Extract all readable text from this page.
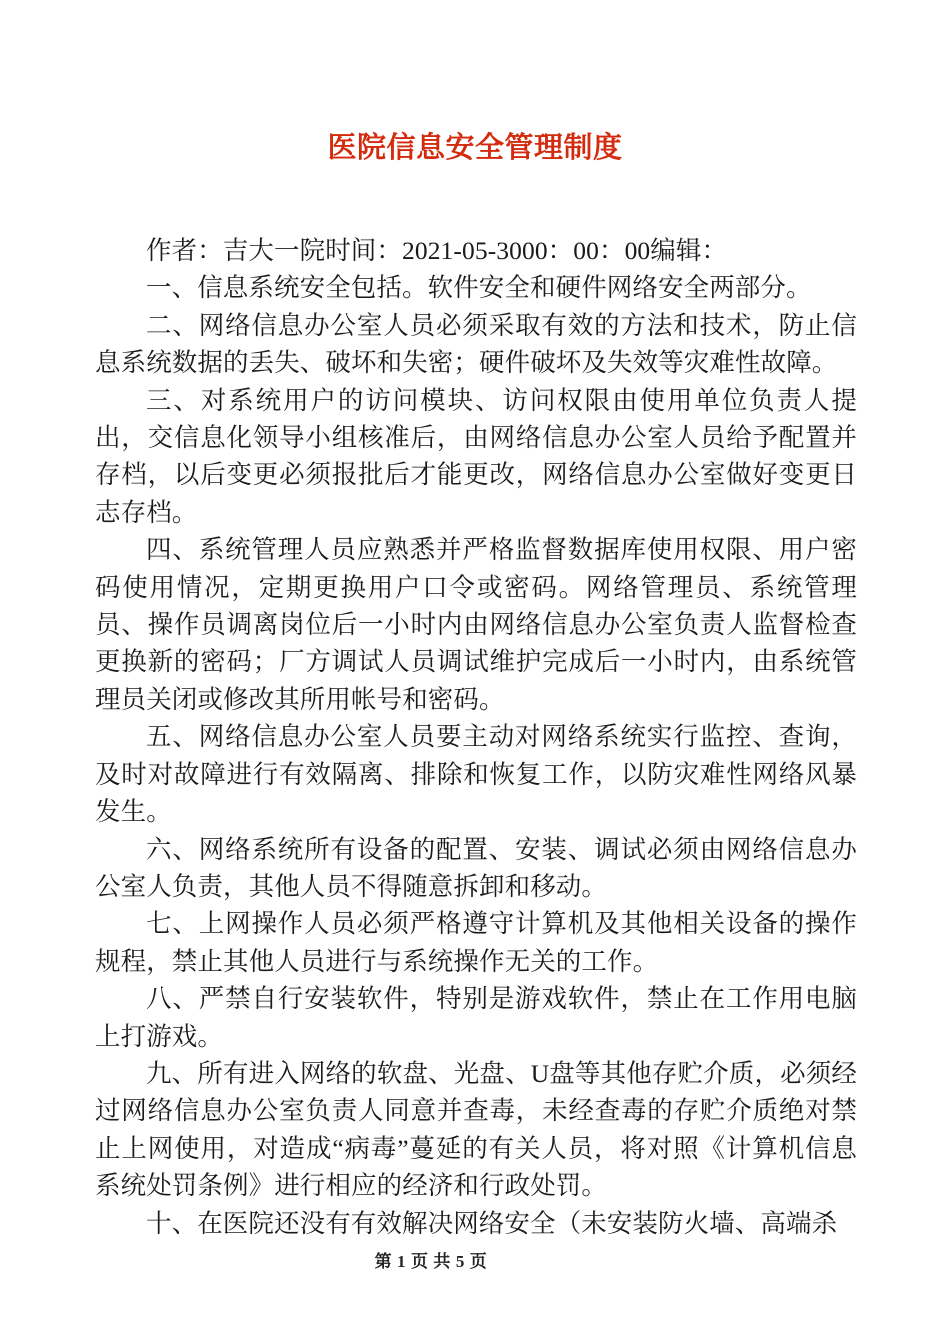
医院信息安全管理制度

作者：吉大一院时间：2021-05-3000：00：00编辑：

一、信息系统安全包括。软件安全和硬件网络安全两部分。

二、网络信息办公室人员必须采取有效的方法和技术，防止信息系统数据的丢失、破坏和失密；硬件破坏及失效等灾难性故障。

三、对系统用户的访问模块、访问权限由使用单位负责人提出，交信息化领导小组核准后，由网络信息办公室人员给予配置并存档，以后变更必须报批后才能更改，网络信息办公室做好变更日志存档。

四、系统管理人员应熟悉并严格监督数据库使用权限、用户密码使用情况，定期更换用户口令或密码。网络管理员、系统管理员、操作员调离岗位后一小时内由网络信息办公室负责人监督检查更换新的密码；厂方调试人员调试维护完成后一小时内，由系统管理员关闭或修改其所用帐号和密码。

五、网络信息办公室人员要主动对网络系统实行监控、查询，及时对故障进行有效隔离、排除和恢复工作，以防灾难性网络风暴发生。

六、网络系统所有设备的配置、安装、调试必须由网络信息办公室人负责，其他人员不得随意拆卸和移动。

七、上网操作人员必须严格遵守计算机及其他相关设备的操作规程，禁止其他人员进行与系统操作无关的工作。

八、严禁自行安装软件，特别是游戏软件，禁止在工作用电脑上打游戏。

九、所有进入网络的软盘、光盘、U盘等其他存贮介质，必须经过网络信息办公室负责人同意并查毒，未经查毒的存贮介质绝对禁止上网使用，对造成“病毒”蔓延的有关人员，将对照《计算机信息系统处罚条例》进行相应的经济和行政处罚。

十、在医院还没有有效解决网络安全（未安装防火墙、高端杀

第 1 页 共 5 页
